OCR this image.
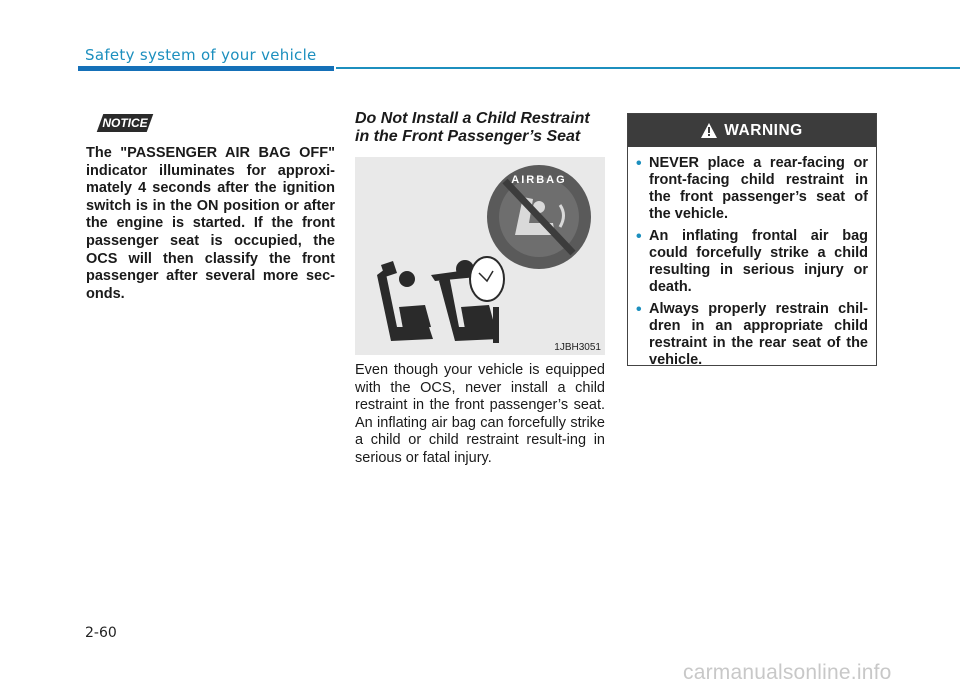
Safety system of your vehicle
NOTICE

The "PASSENGER AIR BAG OFF" indicator illuminates for approxi-mately 4 seconds after the ignition switch is in the ON position or after the engine is started. If the front passenger seat is occupied, the OCS will then classify the front passenger after several more sec-onds.

Do Not Install a Child Restraint
in the Front Passenger’s Seat
AIRBAG
1JBH3051

Even though your vehicle is equipped with the OCS, never install a child restraint in the front passenger’s seat. An inflating air bag can forcefully strike a child or child restraint result-ing in serious or fatal injury.

WARNING
• NEVER place a rear-facing or front-facing child restraint in the front passenger’s seat of the vehicle.
• An inflating frontal air bag could forcefully strike a child resulting in serious injury or death.
• Always properly restrain chil-dren in an appropriate child restraint in the rear seat of the vehicle.
2-60
carmanualsonline.info
